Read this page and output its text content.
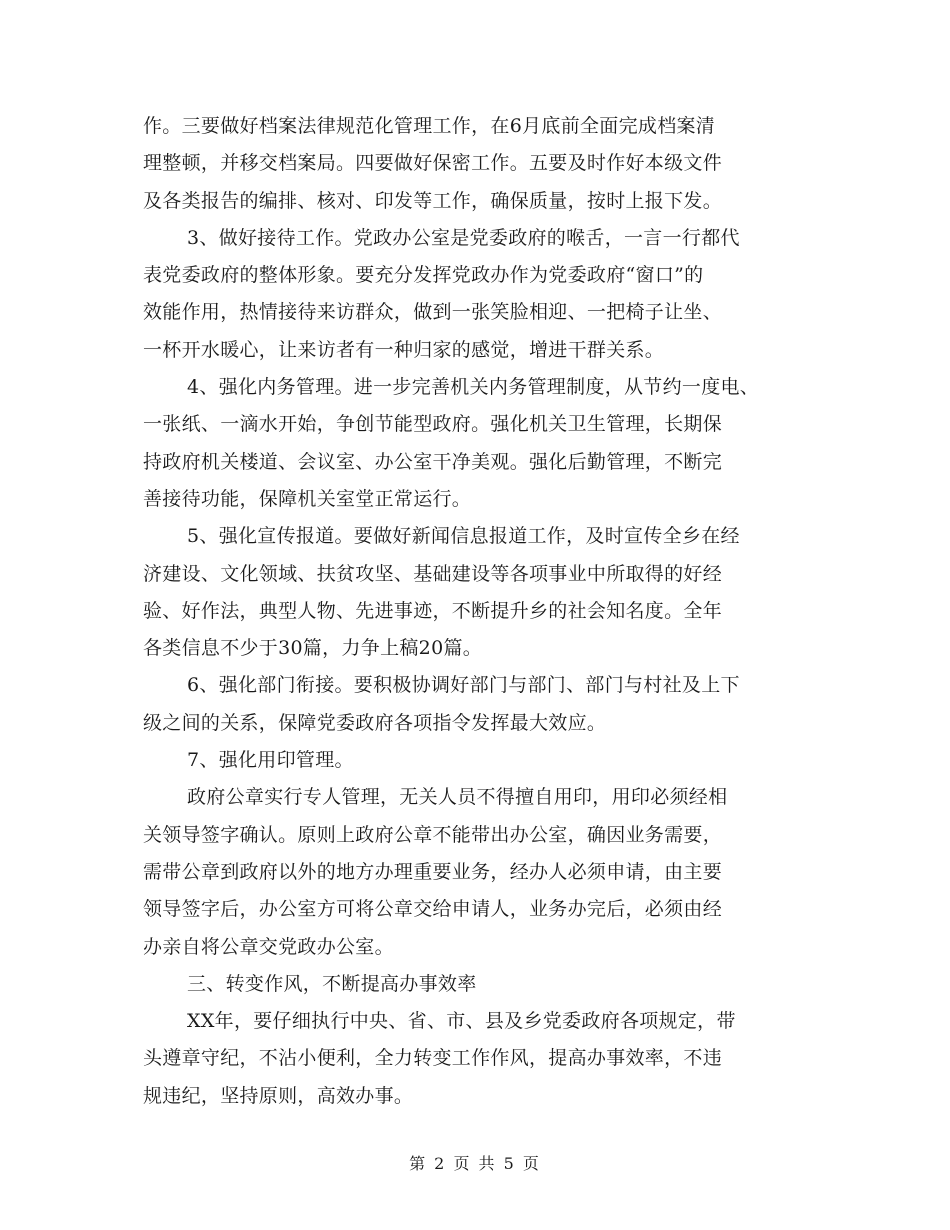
作。三要做好档案法律规范化管理工作，在6月底前全面完成档案清
理整顿，并移交档案局。四要做好保密工作。五要及时作好本级文件
及各类报告的编排、核对、印发等工作，确保质量，按时上报下发。
3、做好接待工作。党政办公室是党委政府的喉舌，一言一行都代
表党委政府的整体形象。要充分发挥党政办作为党委政府“窗口”的
效能作用，热情接待来访群众，做到一张笑脸相迎、一把椅子让坐、
一杯开水暖心，让来访者有一种归家的感觉，增进干群关系。
4、强化内务管理。进一步完善机关内务管理制度，从节约一度电、
一张纸、一滴水开始，争创节能型政府。强化机关卫生管理，长期保
持政府机关楼道、会议室、办公室干净美观。强化后勤管理，不断完
善接待功能，保障机关室堂正常运行。
5、强化宣传报道。要做好新闻信息报道工作，及时宣传全乡在经
济建设、文化领域、扶贫攻坚、基础建设等各项事业中所取得的好经
验、好作法，典型人物、先进事迹，不断提升乡的社会知名度。全年
各类信息不少于30篇，力争上稿20篇。
6、强化部门衔接。要积极协调好部门与部门、部门与村社及上下
级之间的关系，保障党委政府各项指令发挥最大效应。
7、强化用印管理。
政府公章实行专人管理，无关人员不得擅自用印，用印必须经相
关领导签字确认。原则上政府公章不能带出办公室，确因业务需要，
需带公章到政府以外的地方办理重要业务，经办人必须申请，由主要
领导签字后，办公室方可将公章交给申请人，业务办完后，必须由经
办亲自将公章交党政办公室。
三、转变作风，不断提高办事效率
XX年，要仔细执行中央、省、市、县及乡党委政府各项规定，带
头遵章守纪，不沾小便利，全力转变工作作风，提高办事效率，不违
规违纪，坚持原则，高效办事。
第 2 页 共 5 页
